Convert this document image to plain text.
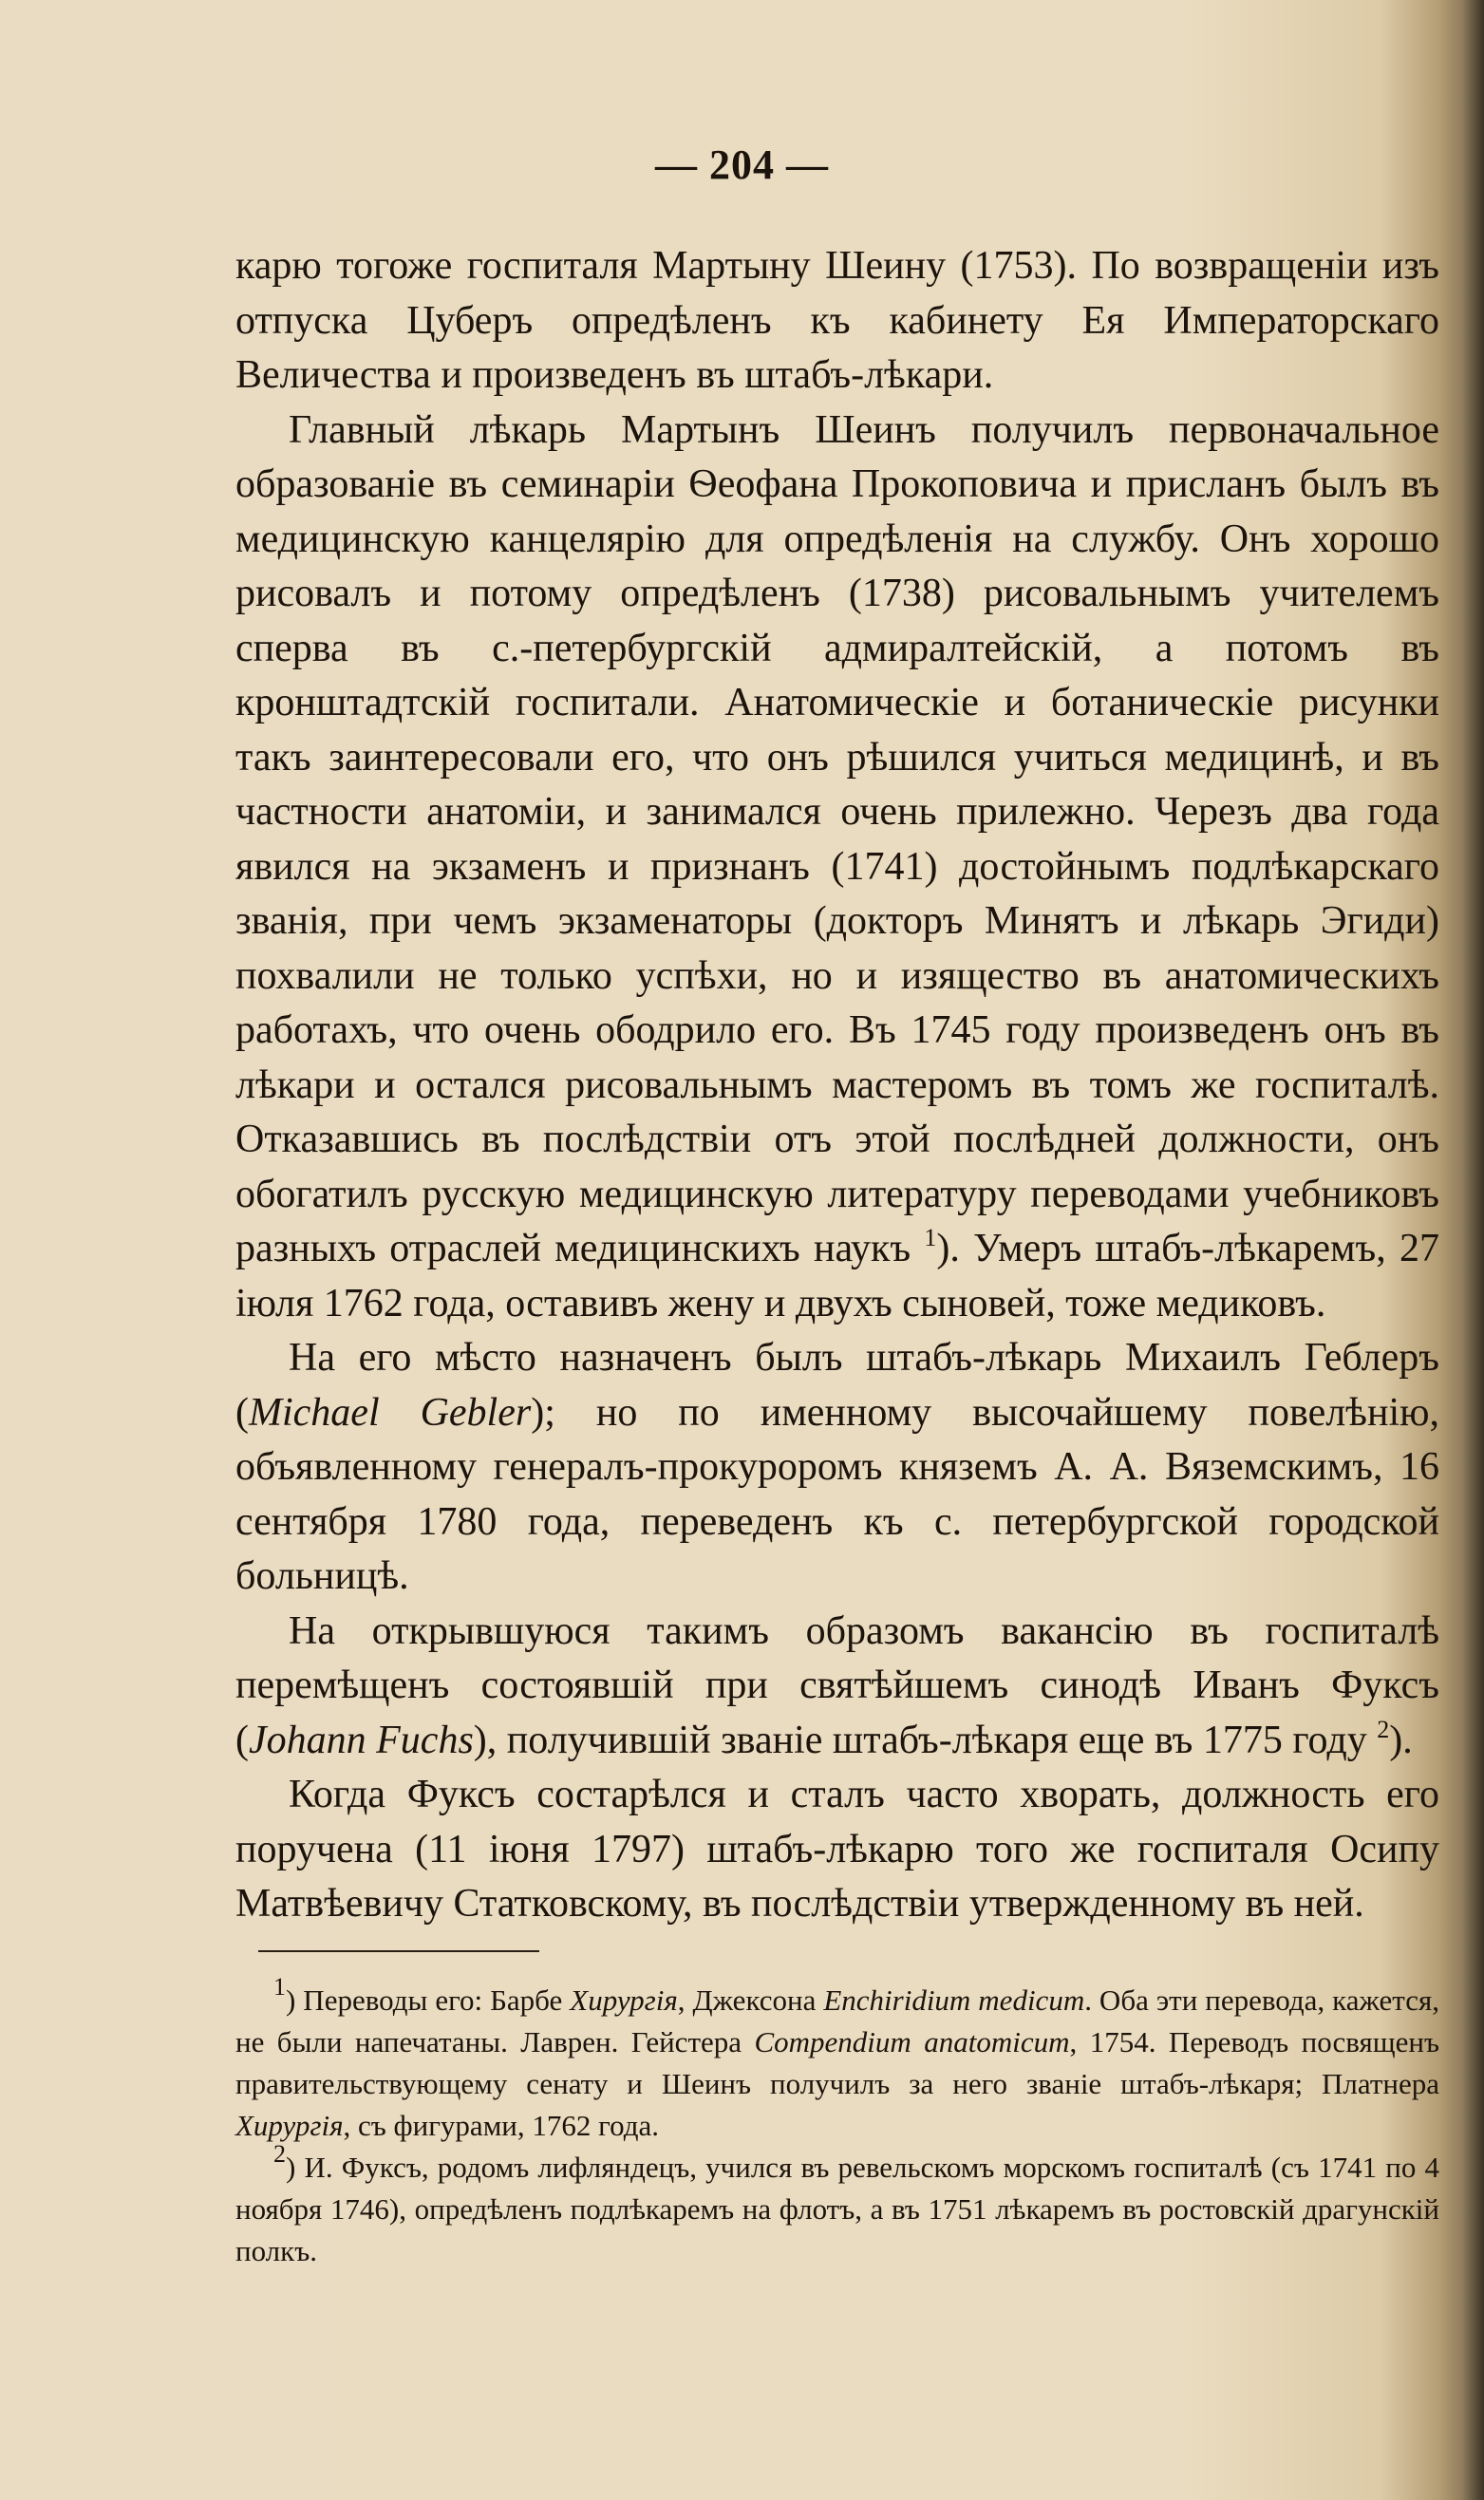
— 204 —

карю тогоже госпиталя Мартыну Шеину (1753). По возвращеніи изъ отпуска Цуберъ опредѣленъ къ кабинету Ея Императорскаго Величества и произведенъ въ штабъ-лѣкари.

Главный лѣкарь Мартынъ Шеинъ получилъ первоначальное образованіе въ семинаріи Ѳеофана Прокоповича и присланъ былъ въ медицинскую канцелярію для опредѣленія на службу. Онъ хорошо рисовалъ и потому опредѣленъ (1738) рисовальнымъ учителемъ сперва въ с.-петербургскій адмиралтейскій, а потомъ въ кронштадтскій госпитали. Анатомическіе и ботаническіе рисунки такъ заинтересовали его, что онъ рѣшился учиться медицинѣ, и въ частности анатоміи, и занимался очень прилежно. Черезъ два года явился на экзаменъ и признанъ (1741) достойнымъ подлѣкарскаго званія, при чемъ экзаменаторы (докторъ Минятъ и лѣкарь Эгиди) похвалили не только успѣхи, но и изящество въ анатомическихъ работахъ, что очень ободрило его. Въ 1745 году произведенъ онъ въ лѣкари и остался рисовальнымъ мастеромъ въ томъ же госпиталѣ. Отказавшись въ послѣдствіи отъ этой послѣдней должности, онъ обогатилъ русскую медицинскую литературу переводами учебниковъ разныхъ отраслей медицинскихъ наукъ $^1$). Умеръ штабъ-лѣкаремъ, 27 іюля 1762 года, оставивъ жену и двухъ сыновей, тоже медиковъ.

На его мѣсто назначенъ былъ штабъ-лѣкарь Михаилъ Геблеръ (Michael Gebler); но по именному высочайшему повелѣнію, объявленному генералъ-прокуроромъ княземъ А. А. Вяземскимъ, 16 сентября 1780 года, переведенъ къ с. петербургской городской больницѣ.

На открывшуюся такимъ образомъ вакансію въ госпиталѣ перемѣщенъ состоявшій при святѣйшемъ синодѣ Иванъ Фуксъ (Johann Fuchs), получившій званіе штабъ-лѣкаря еще въ 1775 году $^2$).

Когда Фуксъ состарѣлся и сталъ часто хворать, должность его поручена (11 іюня 1797) штабъ-лѣкарю того же госпиталя Осипу Матвѣевичу Статковскому, въ послѣдствіи утвержденному въ ней.

$^1$) Переводы его: Барбе Хирургія, Джексона Enchiridium medicum. Оба эти перевода, кажется, не были напечатаны. Лаврен. Гейстера Compendium anatomicum, 1754. Переводъ посвященъ правительствующему сенату и Шеинъ получилъ за него званіе штабъ-лѣкаря; Платнера Хирургія, съ фигурами, 1762 года.

$^2$) И. Фуксъ, родомъ лифляндецъ, учился въ ревельскомъ морскомъ госпиталѣ (съ 1741 по 4 ноября 1746), опредѣленъ подлѣкаремъ на флотъ, а въ 1751 лѣкаремъ въ ростовскій драгунскій полкъ.
